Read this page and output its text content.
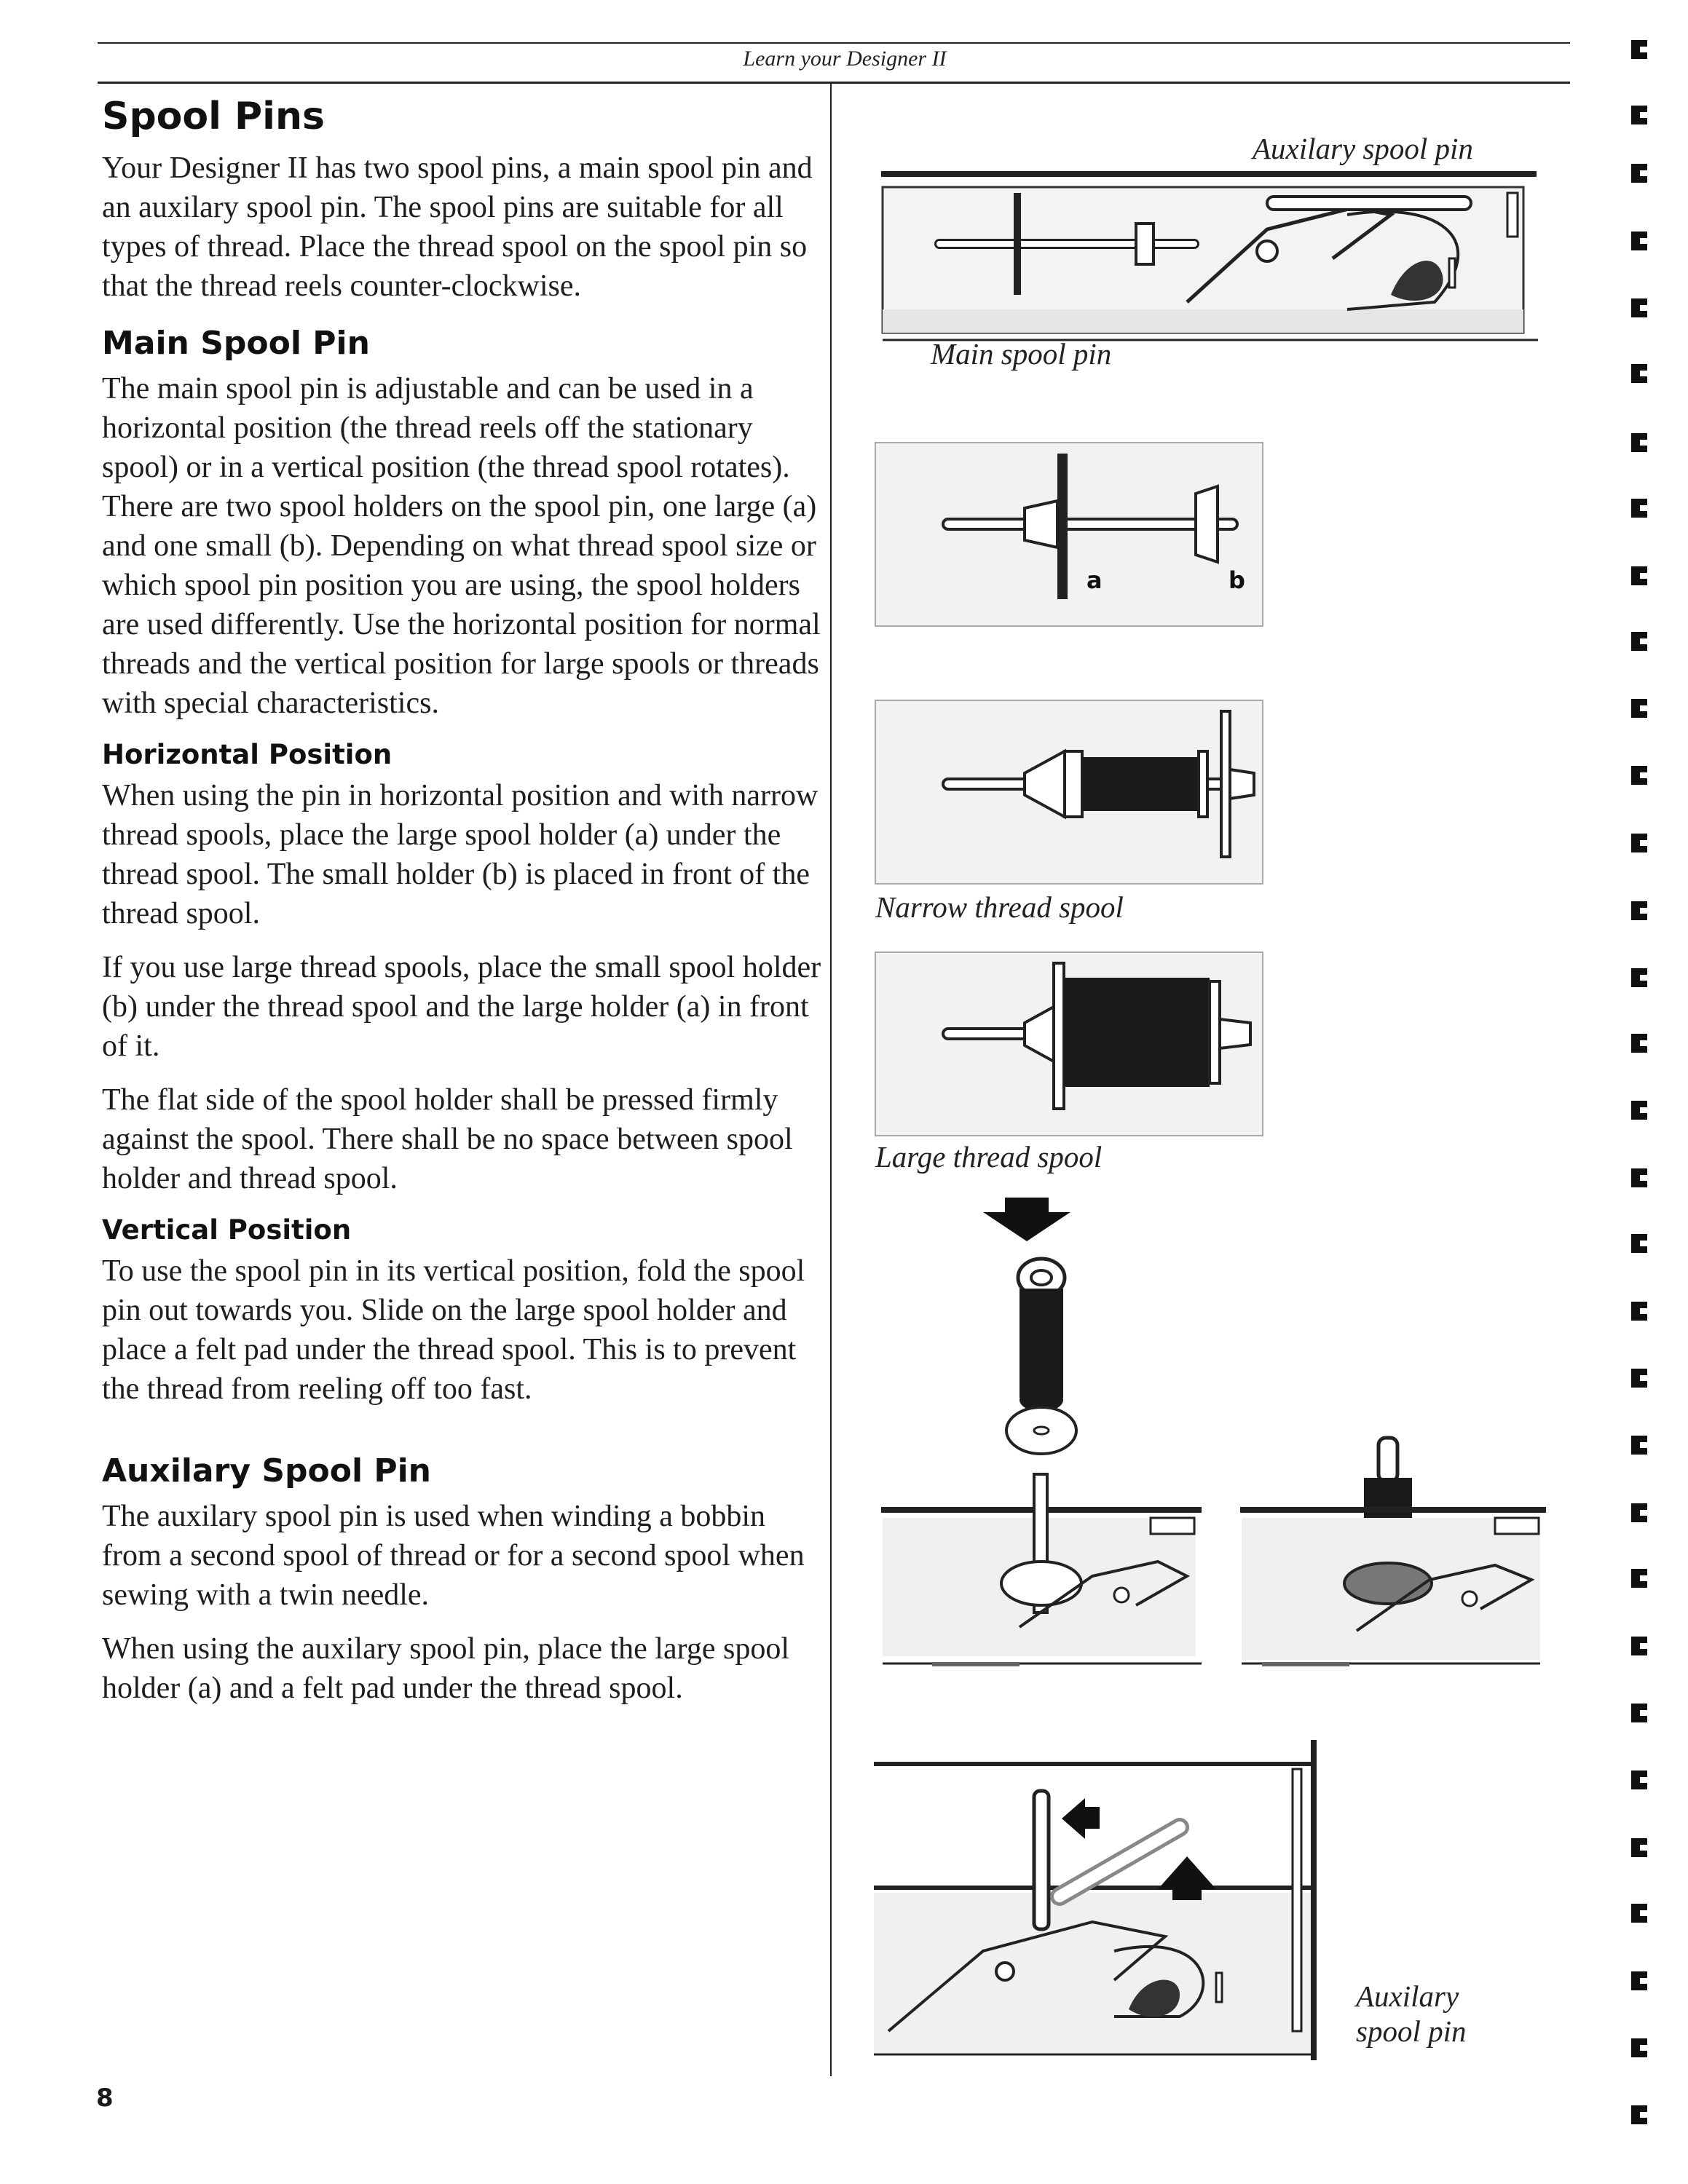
Learn your Designer II
Spool Pins

Your Designer II has two spool pins, a main spool pin and an auxilary spool pin. The spool pins are suitable for all types of thread. Place the thread spool on the spool pin so that the thread reels counter-clockwise.

Main Spool Pin

The main spool pin is adjustable and can be used in a horizontal position (the thread reels off the stationary spool) or in a vertical position (the thread spool rotates). There are two spool holders on the spool pin, one large (a) and one small (b). Depending on what thread spool size or which spool pin position you are using, the spool holders are used differently. Use the horizontal position for normal threads and the vertical position for large spools or threads with special characteristics.

Horizontal Position

When using the pin in horizontal position and with narrow thread spools, place the large spool holder (a) under the thread spool. The small holder (b) is placed in front of the thread spool.

If you use large thread spools, place the small spool holder (b) under the thread spool and the large holder (a) in front of it.

The flat side of the spool holder shall be pressed firmly against the spool. There shall be no space between spool holder and thread spool.

Vertical Position

To use the spool pin in its vertical position, fold the spool pin out towards you. Slide on the large spool holder and place a felt pad under the thread spool. This is to prevent the thread from reeling off too fast.

Auxilary Spool Pin

The auxilary spool pin is used when winding a bobbin from a second spool of thread or for a second spool when sewing with a twin needle.

When using the auxilary spool pin, place the large spool holder (a) and a felt pad under the thread spool.

Auxilary spool pin
Main spool pin
a	b
Narrow thread spool
Large thread spool
Auxilary
spool pin
8
